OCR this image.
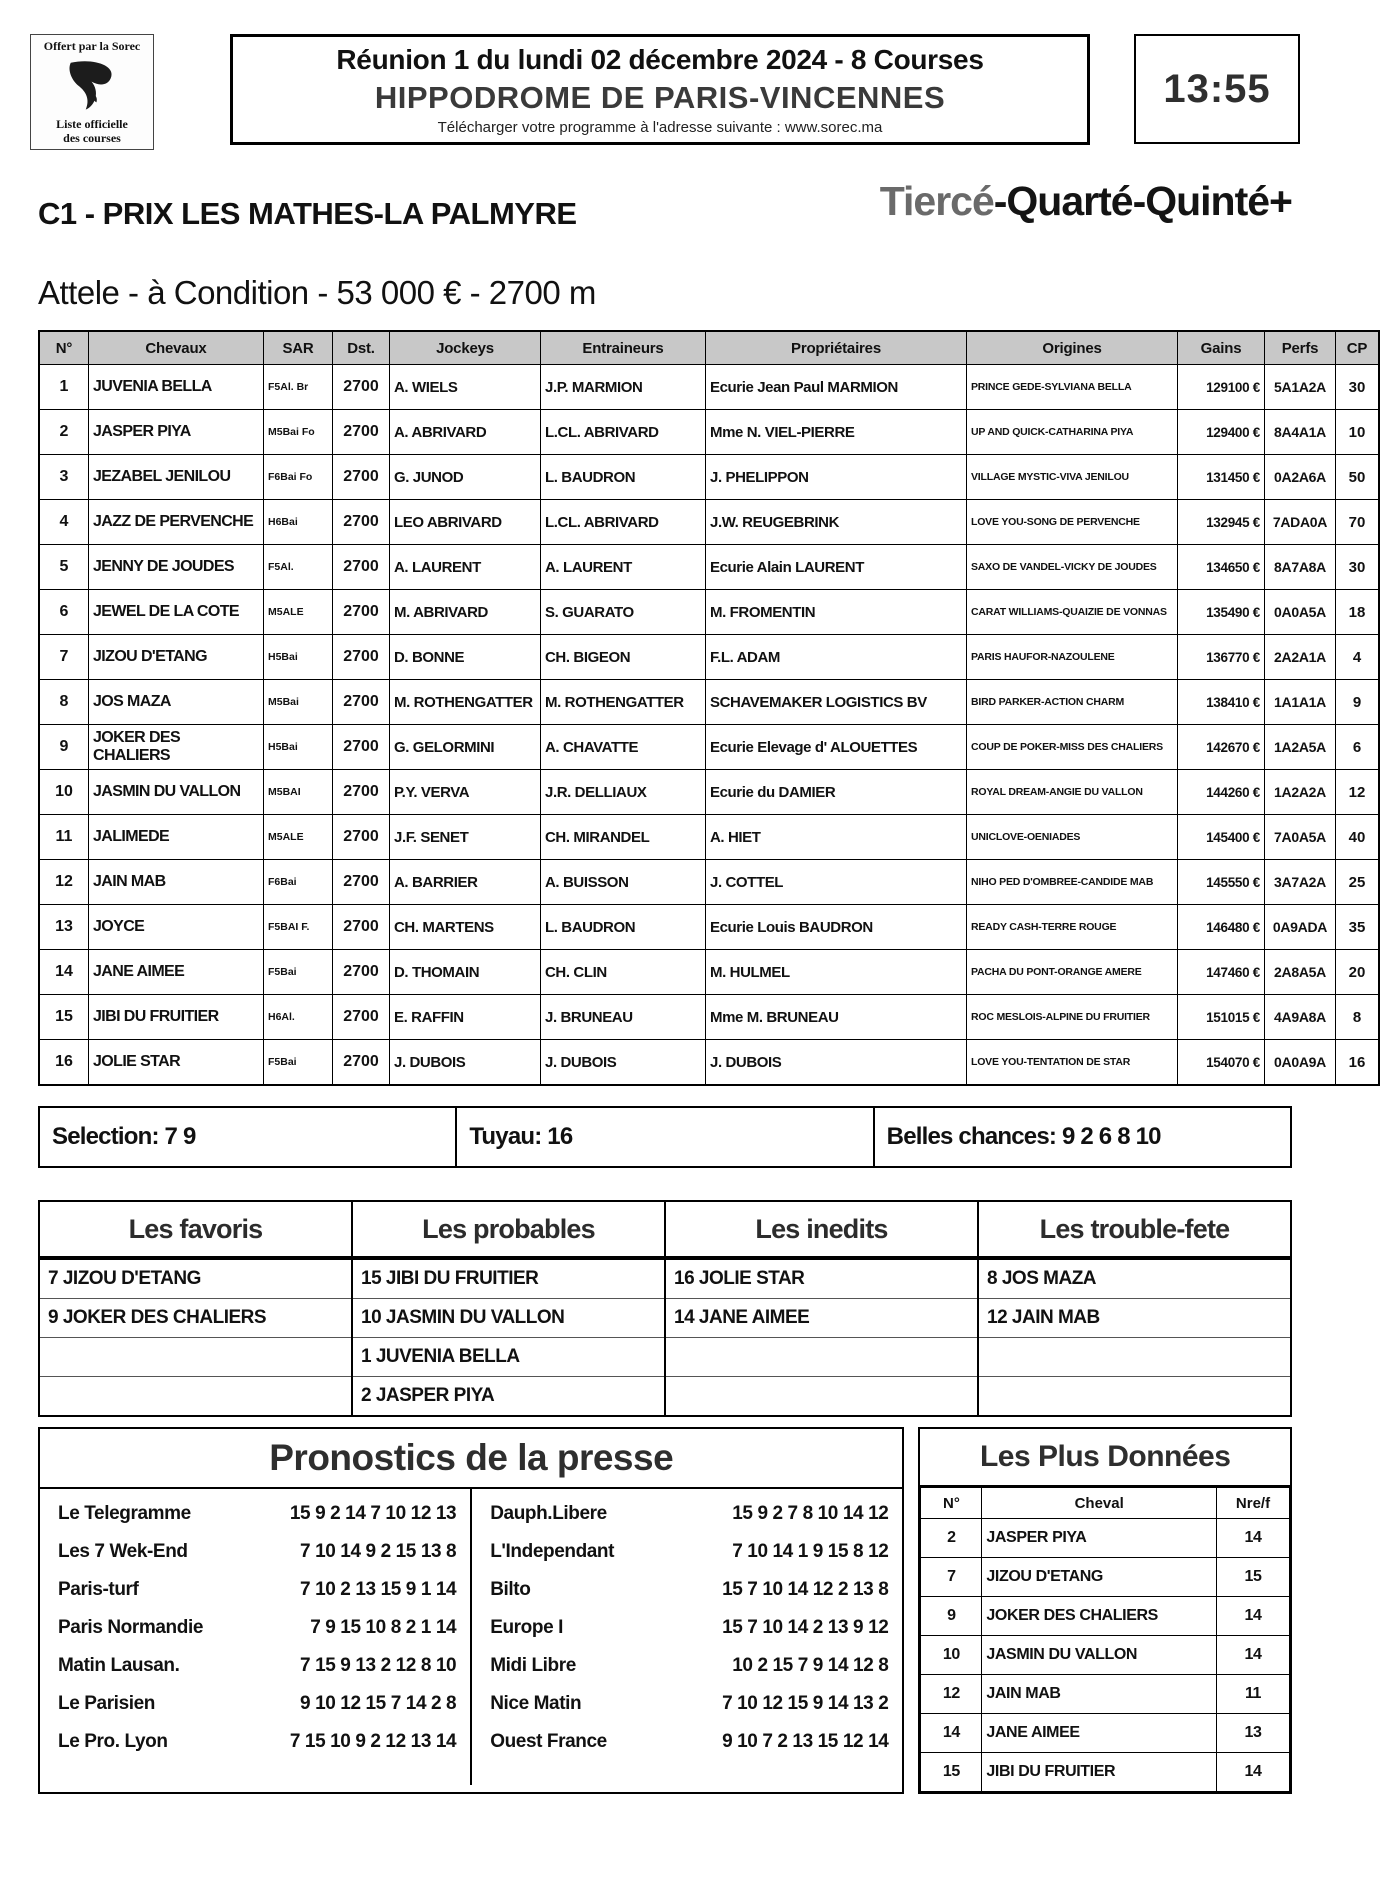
Offert par la Sorec
Liste officielle
des courses
Réunion 1 du lundi 02 décembre 2024 - 8 Courses
HIPPODROME DE PARIS-VINCENNES
Télécharger votre programme à l'adresse suivante : www.sorec.ma
13:55
C1 - PRIX LES MATHES-LA PALMYRE	Tiercé-Quarté-Quinté+
Attele - à Condition - 53 000 € - 2700 m
N°	Chevaux	SAR	Dst.	Jockeys	Entraineurs	Propriétaires	Origines	Gains	Perfs	CP
1	JUVENIA BELLA	F5Al. Br	2700	A. WIELS	J.P. MARMION	Ecurie Jean Paul MARMION	PRINCE GEDE-SYLVIANA BELLA	129100 €	5A1A2A	30
2	JASPER PIYA	M5Bai Fo	2700	A. ABRIVARD	L.CL. ABRIVARD	Mme N. VIEL-PIERRE	UP AND QUICK-CATHARINA PIYA	129400 €	8A4A1A	10
3	JEZABEL JENILOU	F6Bai Fo	2700	G. JUNOD	L. BAUDRON	J. PHELIPPON	VILLAGE MYSTIC-VIVA JENILOU	131450 €	0A2A6A	50
4	JAZZ DE PERVENCHE	H6Bai	2700	LEO ABRIVARD	L.CL. ABRIVARD	J.W. REUGEBRINK	LOVE YOU-SONG DE PERVENCHE	132945 €	7ADA0A	70
5	JENNY DE JOUDES	F5Al.	2700	A. LAURENT	A. LAURENT	Ecurie Alain LAURENT	SAXO DE VANDEL-VICKY DE JOUDES	134650 €	8A7A8A	30
6	JEWEL DE LA COTE	M5ALE	2700	M. ABRIVARD	S. GUARATO	M. FROMENTIN	CARAT WILLIAMS-QUAIZIE DE VONNAS	135490 €	0A0A5A	18
7	JIZOU D'ETANG	H5Bai	2700	D. BONNE	CH. BIGEON	F.L. ADAM	PARIS HAUFOR-NAZOULENE	136770 €	2A2A1A	4
8	JOS MAZA	M5Bai	2700	M. ROTHENGATTER	M. ROTHENGATTER	SCHAVEMAKER LOGISTICS BV	BIRD PARKER-ACTION CHARM	138410 €	1A1A1A	9
9	JOKER DES CHALIERS	H5Bai	2700	G. GELORMINI	A. CHAVATTE	Ecurie Elevage d' ALOUETTES	COUP DE POKER-MISS DES CHALIERS	142670 €	1A2A5A	6
10	JASMIN DU VALLON	M5BAI	2700	P.Y. VERVA	J.R. DELLIAUX	Ecurie du DAMIER	ROYAL DREAM-ANGIE DU VALLON	144260 €	1A2A2A	12
11	JALIMEDE	M5ALE	2700	J.F. SENET	CH. MIRANDEL	A. HIET	UNICLOVE-OENIADES	145400 €	7A0A5A	40
12	JAIN MAB	F6Bai	2700	A. BARRIER	A. BUISSON	J. COTTEL	NIHO PED D'OMBREE-CANDIDE MAB	145550 €	3A7A2A	25
13	JOYCE	F5BAI F.	2700	CH. MARTENS	L. BAUDRON	Ecurie Louis BAUDRON	READY CASH-TERRE ROUGE	146480 €	0A9ADA	35
14	JANE AIMEE	F5Bai	2700	D. THOMAIN	CH. CLIN	M. HULMEL	PACHA DU PONT-ORANGE AMERE	147460 €	2A8A5A	20
15	JIBI DU FRUITIER	H6Al.	2700	E. RAFFIN	J. BRUNEAU	Mme M. BRUNEAU	ROC MESLOIS-ALPINE DU FRUITIER	151015 €	4A9A8A	8
16	JOLIE STAR	F5Bai	2700	J. DUBOIS	J. DUBOIS	J. DUBOIS	LOVE YOU-TENTATION DE STAR	154070 €	0A0A9A	16
Selection: 7 9	Tuyau: 16	Belles chances: 9 2 6 8 10
Les favoris	Les probables	Les inedits	Les trouble-fete
7 JIZOU D'ETANG	15 JIBI DU FRUITIER	16 JOLIE STAR	8 JOS MAZA
9 JOKER DES CHALIERS	10 JASMIN DU VALLON	14 JANE AIMEE	12 JAIN MAB
	1 JUVENIA BELLA		
	2 JASPER PIYA		
Pronostics de la presse
Le Telegramme	15 9 2 14 7 10 12 13
Les 7 Wek-End	7 10 14 9 2 15 13 8
Paris-turf	7 10 2 13 15 9 1 14
Paris Normandie	7 9 15 10 8 2 1 14
Matin Lausan.	7 15 9 13 2 12 8 10
Le Parisien	9 10 12 15 7 14 2 8
Le Pro. Lyon	7 15 10 9 2 12 13 14
Dauph.Libere	15 9 2 7 8 10 14 12
L'Independant	7 10 14 1 9 15 8 12
Bilto	15 7 10 14 12 2 13 8
Europe I	15 7 10 14 2 13 9 12
Midi Libre	10 2 15 7 9 14 12 8
Nice Matin	7 10 12 15 9 14 13 2
Ouest France	9 10 7 2 13 15 12 14
Les Plus Données
N°	Cheval	Nre/f
2	JASPER PIYA	14
7	JIZOU D'ETANG	15
9	JOKER DES CHALIERS	14
10	JASMIN DU VALLON	14
12	JAIN MAB	11
14	JANE AIMEE	13
15	JIBI DU FRUITIER	14
